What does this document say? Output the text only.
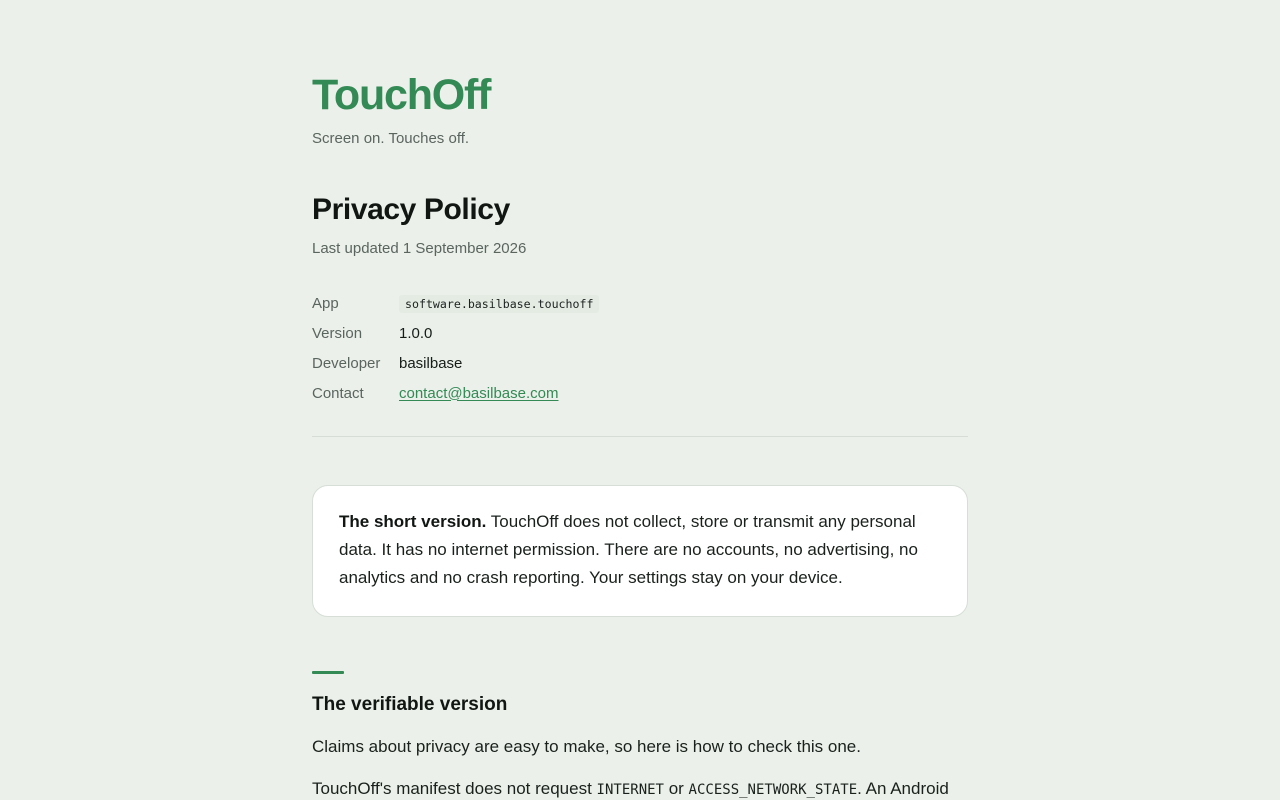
TouchOff
Screen on. Touches off.
Privacy Policy
Last updated 1 September 2026
App	software.basilbase.touchoff
Version	1.0.0
Developer	basilbase
Contact	contact@basilbase.com
The short version. TouchOff does not collect, store or transmit any personal data. It has no internet permission. There are no accounts, no advertising, no analytics and no crash reporting. Your settings stay on your device.
The verifiable version

Claims about privacy are easy to make, so here is how to check this one.

TouchOff's manifest does not request INTERNET or ACCESS_NETWORK_STATE. An Android
